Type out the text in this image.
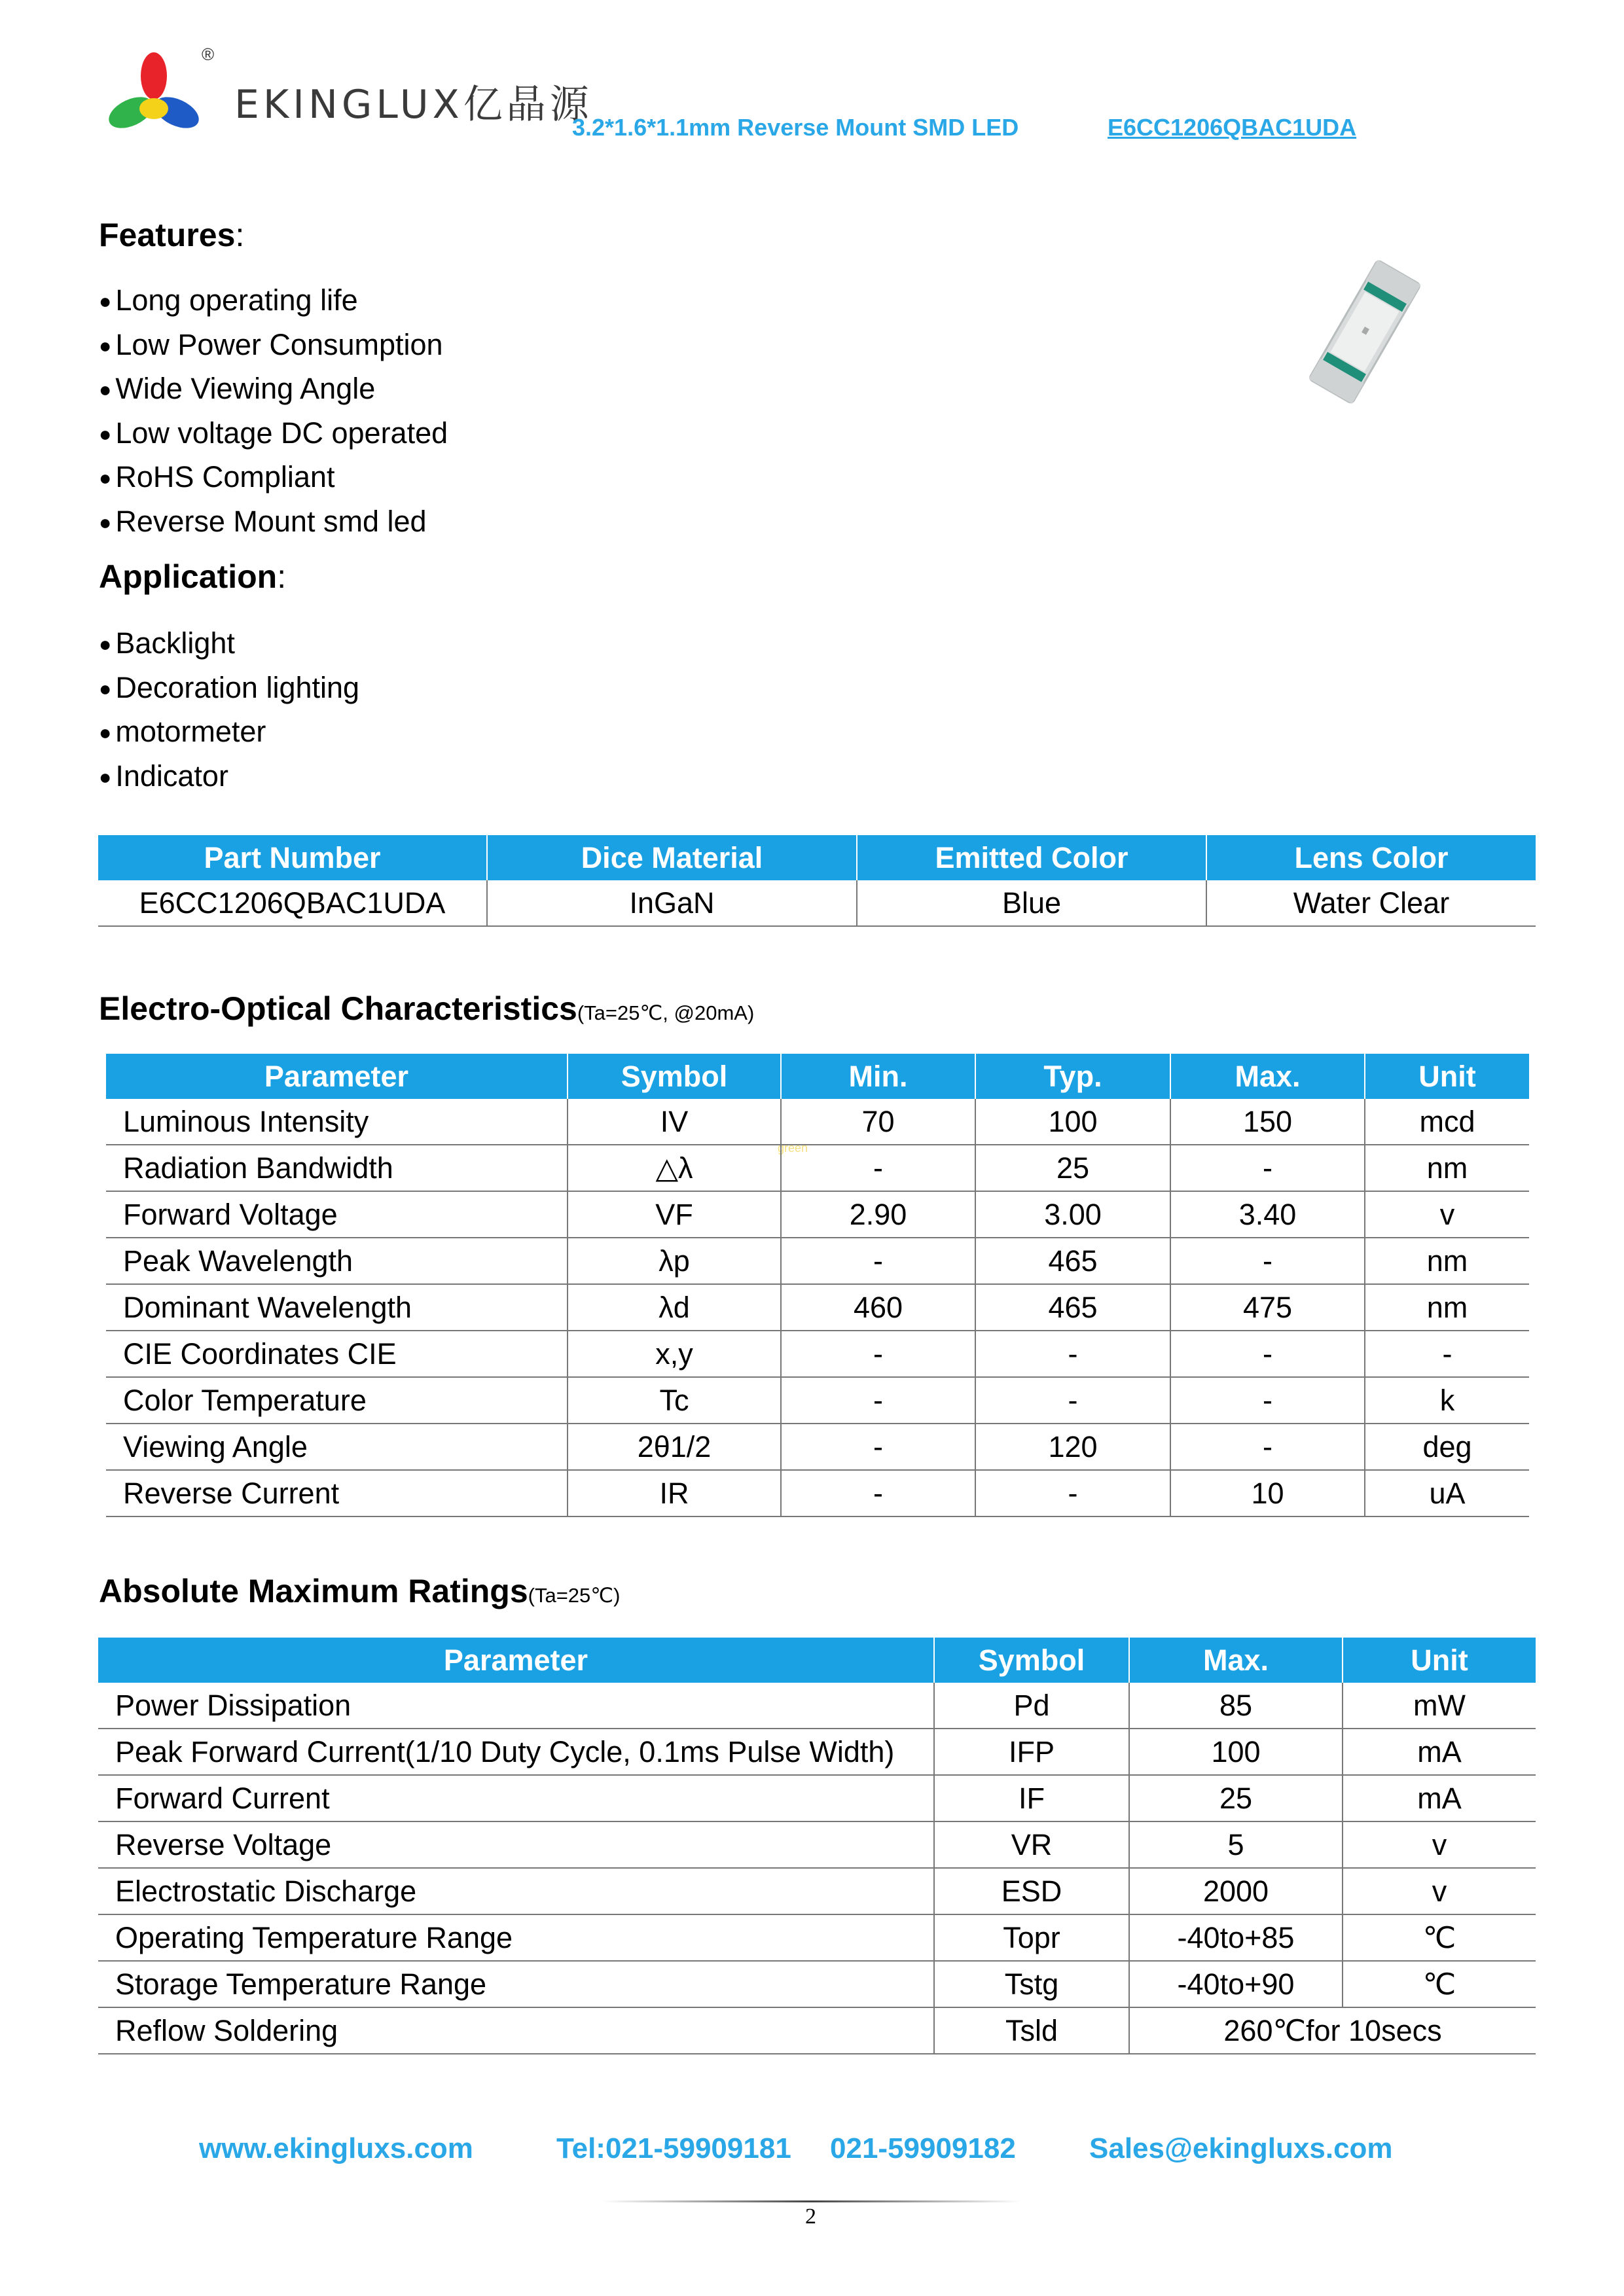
®
EKINGLUX亿晶源
3.2*1.6*1.1mm Reverse Mount SMD LED	E6CC1206QBAC1UDA
Features:
● Long operating life
● Low Power Consumption
● Wide Viewing Angle
● Low voltage DC operated
● RoHS Compliant
● Reverse Mount smd led
Application:
● Backlight
● Decoration lighting
● motormeter
● Indicator
Part Number	Dice Material	Emitted Color	Lens Color
E6CC1206QBAC1UDA	InGaN	Blue	Water Clear
Electro-Optical Characteristics(Ta=25℃, @20mA)
green
Parameter	Symbol	Min.	Typ.	Max.	Unit
Luminous Intensity	IV	70	100	150	mcd
Radiation Bandwidth	△λ	-	25	-	nm
Forward Voltage	VF	2.90	3.00	3.40	v
Peak Wavelength	λp	-	465	-	nm
Dominant Wavelength	λd	460	465	475	nm
CIE Coordinates CIE	x,y	-	-	-	-
Color Temperature	Tc	-	-	-	k
Viewing Angle	2θ1/2	-	120	-	deg
Reverse Current	IR	-	-	10	uA
Absolute Maximum Ratings(Ta=25℃)
Parameter	Symbol	Max.	Unit
Power Dissipation	Pd	85	mW
Peak Forward Current(1/10 Duty Cycle, 0.1ms Pulse Width)	IFP	100	mA
Forward Current	IF	25	mA
Reverse Voltage	VR	5	v
Electrostatic Discharge	ESD	2000	v
Operating Temperature Range	Topr	-40to+85	℃
Storage Temperature Range	Tstg	-40to+90	℃
Reflow Soldering	Tsld	260℃for 10secs	
www.ekingluxs.com	Tel:021-59909181 021-59909182	Sales@ekingluxs.com
2
